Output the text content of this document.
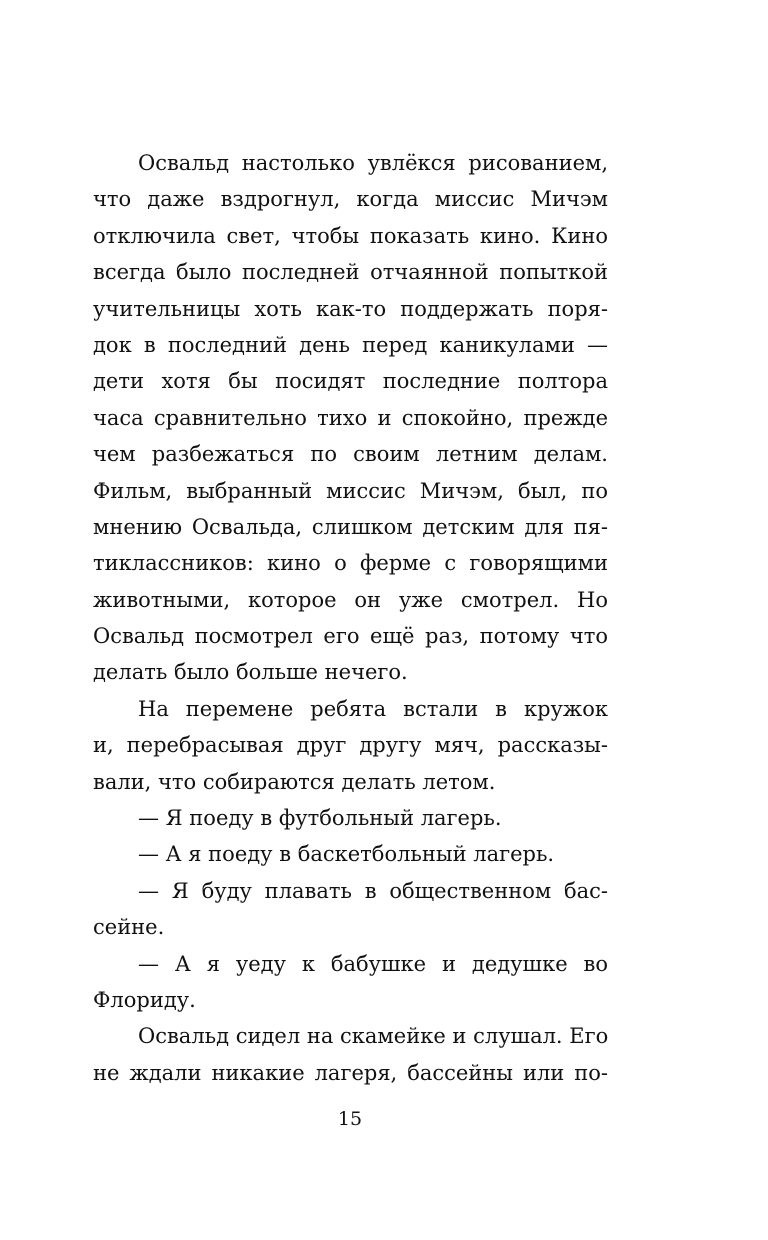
Освальд настолько увлёкся рисованием,
что даже вздрогнул, когда миссис Мичэм
отключила свет, чтобы показать кино. Кино
всегда было последней отчаянной попыткой
учительницы хоть как-то поддержать поря-
док в последний день перед каникулами —
дети хотя бы посидят последние полтора
часа сравнительно тихо и спокойно, прежде
чем разбежаться по своим летним делам.
Фильм, выбранный миссис Мичэм, был, по
мнению Освальда, слишком детским для пя-
тиклассников: кино о ферме с говорящими
животными, которое он уже смотрел. Но
Освальд посмотрел его ещё раз, потому что
делать было больше нечего.
На перемене ребята встали в кружок
и, перебрасывая друг другу мяч, рассказы-
вали, что собираются делать летом.
— Я поеду в футбольный лагерь.
— А я поеду в баскетбольный лагерь.
— Я буду плавать в общественном бас-
сейне.
— А я уеду к бабушке и дедушке во
Флориду.
Освальд сидел на скамейке и слушал. Его
не ждали никакие лагеря, бассейны или по-
15
